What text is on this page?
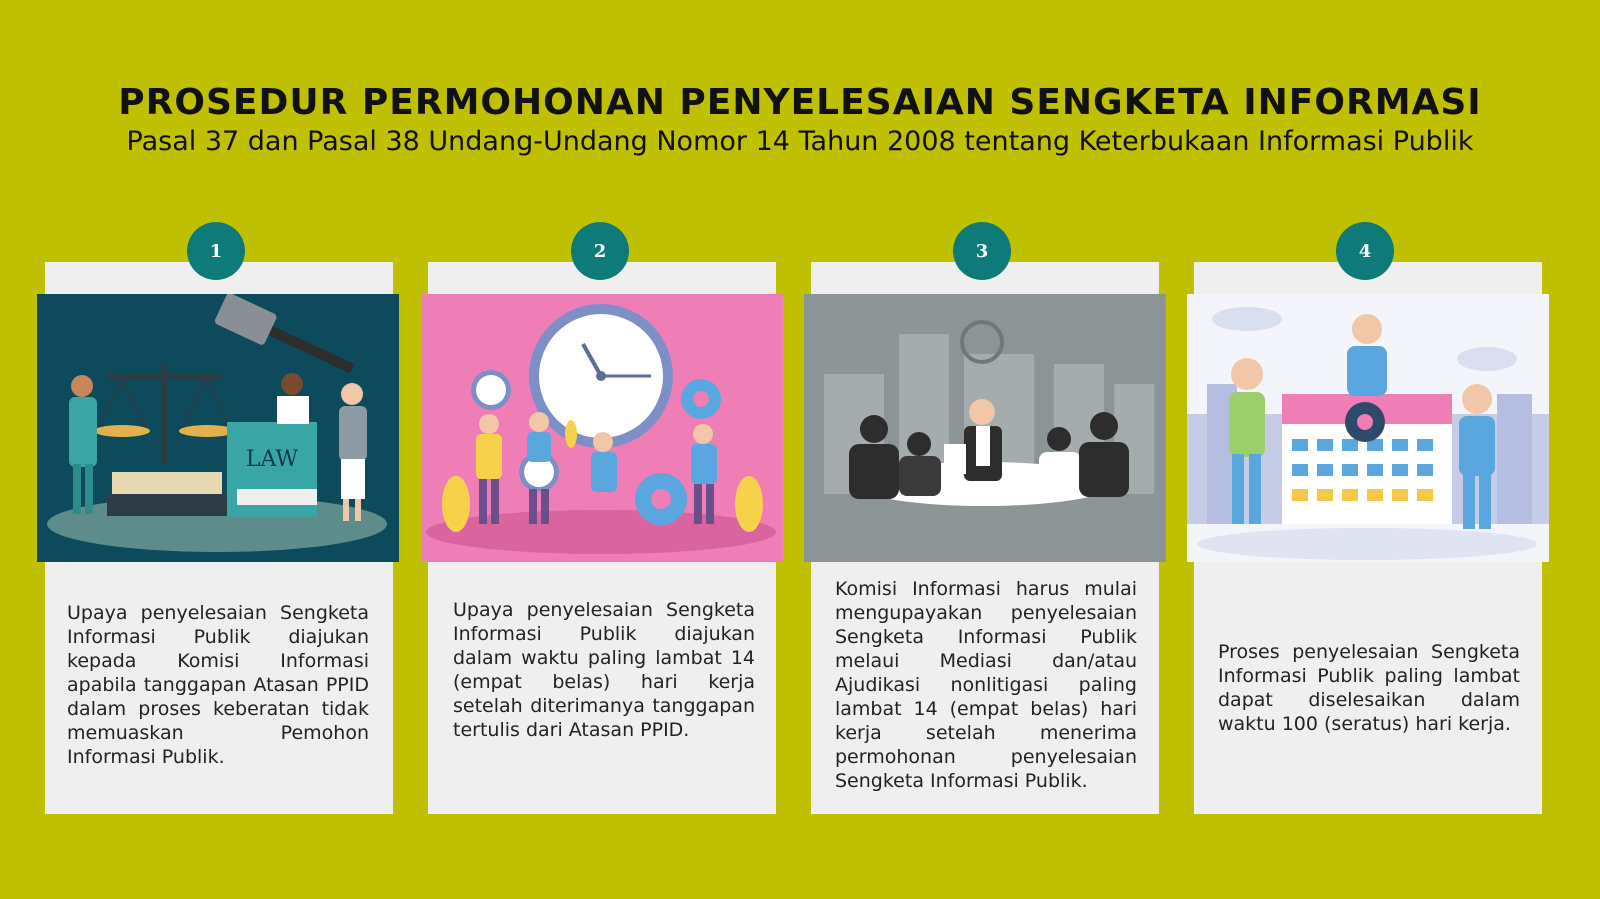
PROSEDUR PERMOHONAN PENYELESAIAN SENGKETA INFORMASI
Pasal 37 dan Pasal 38 Undang-Undang Nomor 14 Tahun 2008 tentang Keterbukaan Informasi Publik
1
LAW
Upaya penyelesaian Sengketa Informasi Publik diajukan kepada Komisi Informasi apabila tanggapan Atasan PPID dalam proses keberatan tidak memuaskan Pemohon Informasi Publik.
2
Upaya penyelesaian Sengketa Informasi Publik diajukan dalam waktu paling lambat 14 (empat belas) hari kerja setelah diterimanya tanggapan tertulis dari Atasan PPID.
3
Komisi Informasi harus mulai mengupayakan penyelesaian Sengketa Informasi Publik melaui Mediasi dan/atau Ajudikasi nonlitigasi paling lambat 14 (empat belas) hari kerja setelah menerima permohonan penyelesaian Sengketa Informasi Publik.
4
Proses penyelesaian Sengketa Informasi Publik paling lambat dapat diselesaikan dalam waktu 100 (seratus) hari kerja.
